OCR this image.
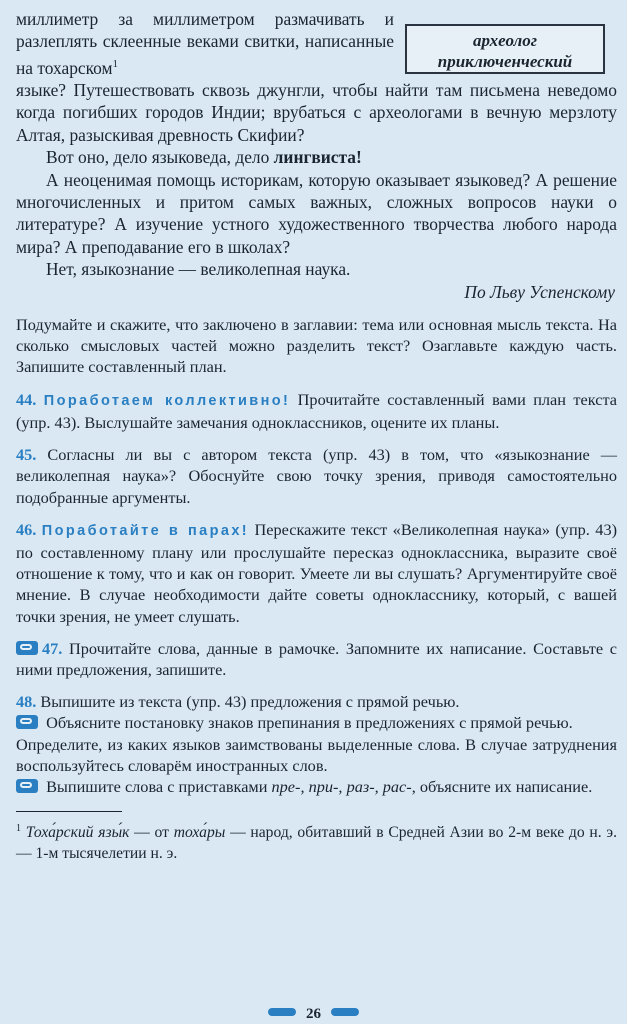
археолог
приключенческий

миллиметр за миллиметром размачивать и разлеплять склеенные веками свитки, написанные на тохарском$^1$
языке? Путешествовать сквозь джунгли, чтобы найти там письмена неведомо когда погибших городов Индии; врубаться с археологами в вечную мерзлоту Алтая, разыскивая древность Скифии?

Вот оно, дело языковеда, дело лингвиста!

А неоценимая помощь историкам, которую оказывает языковед? А решение многочисленных и притом самых важных, сложных вопросов науки о литературе? А изучение устного художественного творчества любого народа мира? А преподавание его в школах?

Нет, языкознание — великолепная наука.

По Льву Успенскому

Подумайте и скажите, что заключено в заглавии: тема или основная мысль текста. На сколько смысловых частей можно разделить текст? Озаглавьте каждую часть. Запишите составленный план.

44. Поработаем коллективно! Прочитайте составленный вами план текста (упр. 43). Выслушайте замечания одноклассников, оцените их планы.

45. Согласны ли вы с автором текста (упр. 43) в том, что «языкознание — великолепная наука»? Обоснуйте свою точку зрения, приводя самостоятельно подобранные аргументы.

46. Поработайте в парах! Перескажите текст «Великолепная наука» (упр. 43) по составленному плану или прослушайте пересказ одноклассника, выразите своё отношение к тому, что и как он говорит. Умеете ли вы слушать? Аргументируйте своё мнение. В случае необходимости дайте советы однокласснику, который, с вашей точки зрения, не умеет слушать.

47. Прочитайте слова, данные в рамочке. Запомните их написание. Составьте с ними предложения, запишите.

48. Выпишите из текста (упр. 43) предложения с прямой речью.

Объясните постановку знаков препинания в предложениях с прямой речью.

Определите, из каких языков заимствованы выделенные слова. В случае затруднения воспользуйтесь словарём иностранных слов.

Выпишите слова с приставками пре-, при-, раз-, рас-, объясните их написание.

$^1$ Тоха́рский язы́к — от тоха́ры — народ, обитавший в Средней Азии во 2-м веке до н. э. — 1-м тысячелетии н. э.

26
